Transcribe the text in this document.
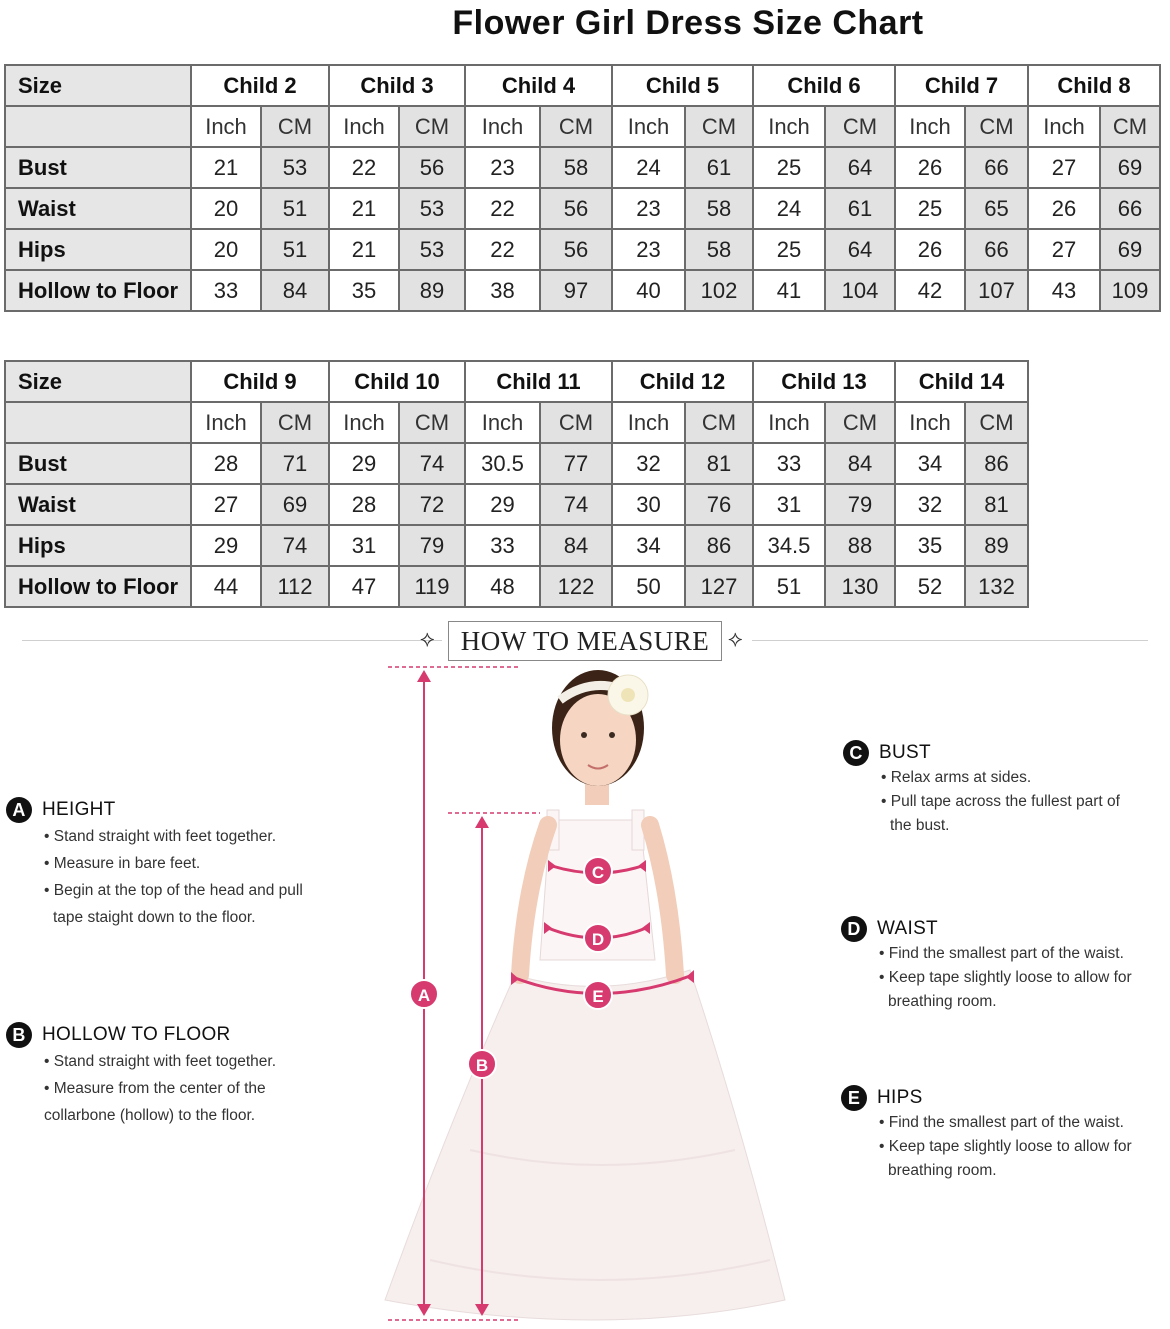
Flower Girl Dress Size Chart
Size	Child 2		Child 3		Child 4		Child 5		Child 6		Child 7		Child 8	
	Inch	CM	Inch	CM	Inch	CM	Inch	CM	Inch	CM	Inch	CM	Inch	CM
Bust	21	53	22	56	23	58	24	61	25	64	26	66	27	69
Waist	20	51	21	53	22	56	23	58	24	61	25	65	26	66
Hips	20	51	21	53	22	56	23	58	25	64	26	66	27	69
Hollow to Floor	33	84	35	89	38	97	40	102	41	104	42	107	43	109
Size	Child 9		Child 10		Child 11		Child 12		Child 13		Child 14	
	Inch	CM	Inch	CM	Inch	CM	Inch	CM	Inch	CM	Inch	CM
Bust	28	71	29	74	30.5	77	32	81	33	84	34	86
Waist	27	69	28	72	29	74	30	76	31	79	32	81
Hips	29	74	31	79	33	84	34	86	34.5	88	35	89
Hollow to Floor	44	112	47	119	48	122	50	127	51	130	52	132
⟡ HOW TO MEASURE ⟡
A
B
C
D
E
A HEIGHT
• Stand straight with feet together.
• Measure in bare feet.
• Begin at the top of the head and pull
tape staight down to the floor.
B HOLLOW TO FLOOR
• Stand straight with feet together.
• Measure from the center of the
collarbone (hollow) to the floor.
C BUST
• Relax arms at sides.
• Pull tape across the fullest part of
the bust.
D WAIST
• Find the smallest part of the waist.
• Keep tape slightly loose to allow for
breathing room.
E HIPS
• Find the smallest part of the waist.
• Keep tape slightly loose to allow for
breathing room.
